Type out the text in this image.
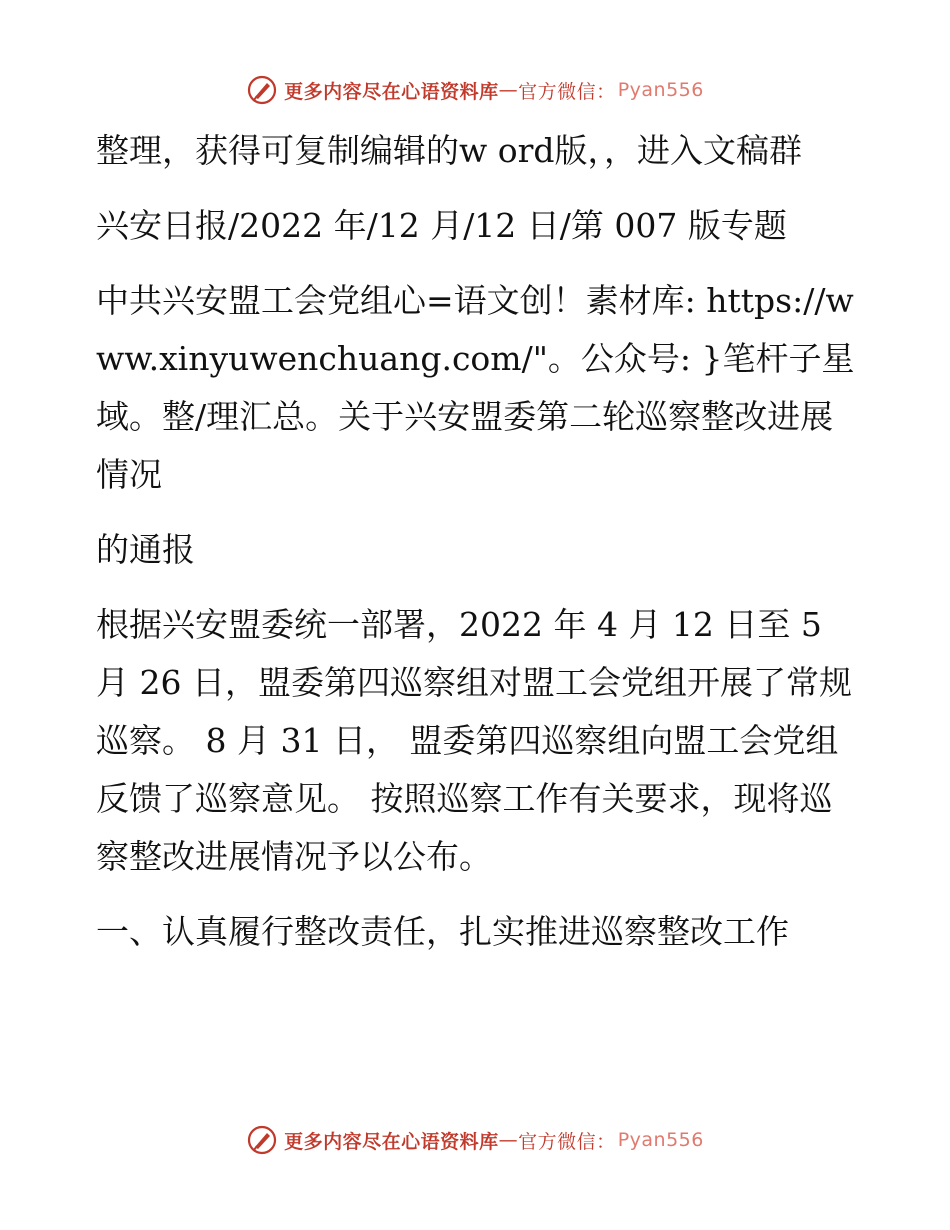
更多内容尽在心语资料库 — 官方微信： Pyan556

整理，获得可复制编辑的w ord版，，进入文稿群

兴安日报/2022 年/12 月/12 日/第 007 版专题

中共兴安盟工会党组心=语文创！素材库: https://www.xinyuwenchuang.com/"。公众号: }笔杆子星域。整/理汇总。关于兴安盟委第二轮巡察整改进展情况

的通报

根据兴安盟委统一部署，2022 年 4 月 12 日至 5 月 26 日，盟委第四巡察组对盟工会党组开展了常规巡察。 8 月 31 日， 盟委第四巡察组向盟工会党组反馈了巡察意见。 按照巡察工作有关要求，现将巡察整改进展情况予以公布。

一、认真履行整改责任，扎实推进巡察整改工作

更多内容尽在心语资料库 — 官方微信： Pyan556
